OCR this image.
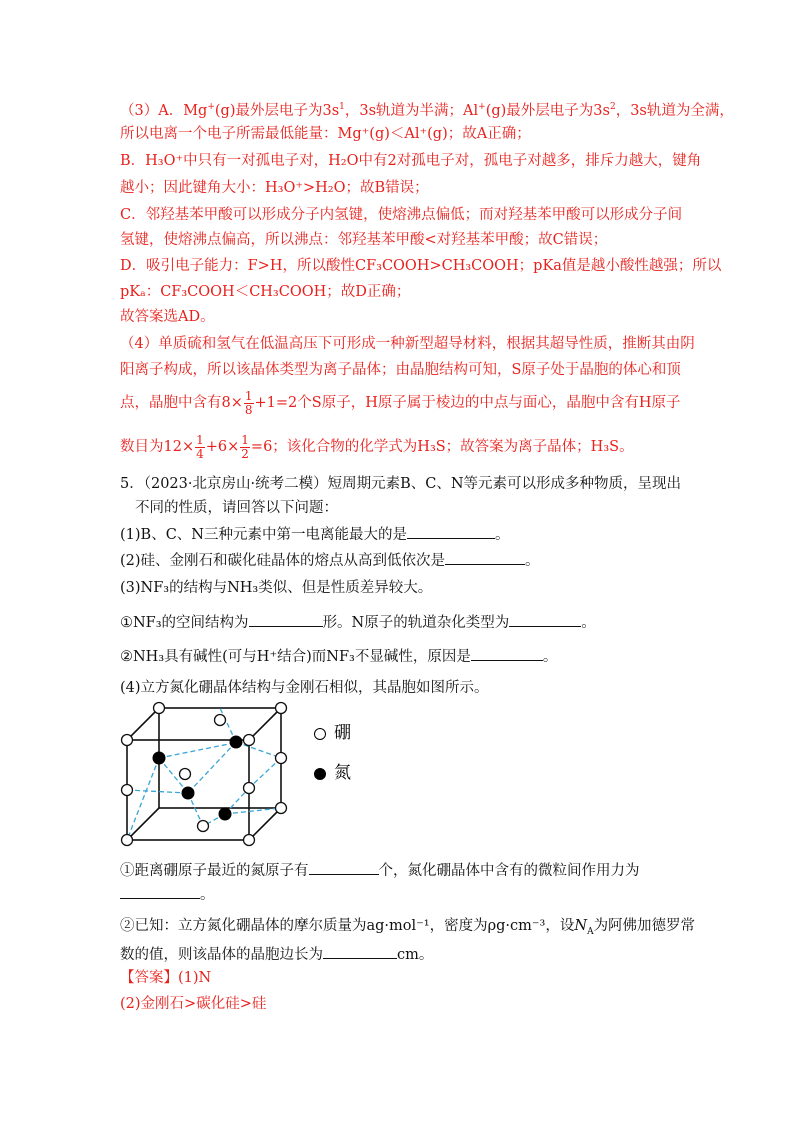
（3）A．Mg+(g)最外层电子为$3s^1$，3s轨道为半满；Al+(g)最外层电子为$3s^2$，3s轨道为全满，
所以电离一个电子所需最低能量：Mg⁺(g)＜Al⁺(g)；故A正确；
B．H₃O⁺中只有一对孤电子对，H₂O中有2对孤电子对，孤电子对越多，排斥力越大，键角
越小；因此键角大小：H₃O⁺>H₂O；故B错误；
C．邻羟基苯甲酸可以形成分子内氢键，使熔沸点偏低；而对羟基苯甲酸可以形成分子间
氢键，使熔沸点偏高，所以沸点：邻羟基苯甲酸<对羟基苯甲酸；故C错误；
D．吸引电子能力：F>H，所以酸性CF₃COOH>CH₃COOH；pKa值是越小酸性越强；所以
pKₐ：CF₃COOH＜CH₃COOH；故D正确；
故答案选AD。
（4）单质硫和氢气在低温高压下可形成一种新型超导材料，根据其超导性质，推断其由阴
阳离子构成，所以该晶体类型为离子晶体；由晶胞结构可知，S原子处于晶胞的体心和顶
点，晶胞中含有$8\times \frac{1}{8} +1=2$个S原子，H原子属于棱边的中点与面心，晶胞中含有H原子
数目为$12\times \frac{1}{4} +6\times \frac{1}{2} =6$；该化合物的化学式为H₃S；故答案为离子晶体；H₃S。
5．（2023·北京房山·统考二模）短周期元素B、C、N等元素可以形成多种物质，呈现出
不同的性质，请回答以下问题：
(1)B、C、N三种元素中第一电离能最大的是	。
(2)硅、金刚石和碳化硅晶体的熔点从高到低依次是	。
(3)NF₃的结构与NH₃类似、但是性质差异较大。
①NF₃的空间结构为	形。N原子的轨道杂化类型为	。
②NH₃具有碱性(可与H⁺结合)而NF₃不显碱性，原因是	。
(4)立方氮化硼晶体结构与金刚石相似，其晶胞如图所示。
硼
氮
①距离硼原子最近的氮原子有	个，氮化硼晶体中含有的微粒间作用力为
。
②已知：立方氮化硼晶体的摩尔质量为ag·mol⁻¹，密度为ρg·cm⁻³，设$N_A$为阿佛加德罗常
数的值，则该晶体的晶胞边长为	cm。
【答案】(1)N
(2)金刚石>碳化硅>硅
